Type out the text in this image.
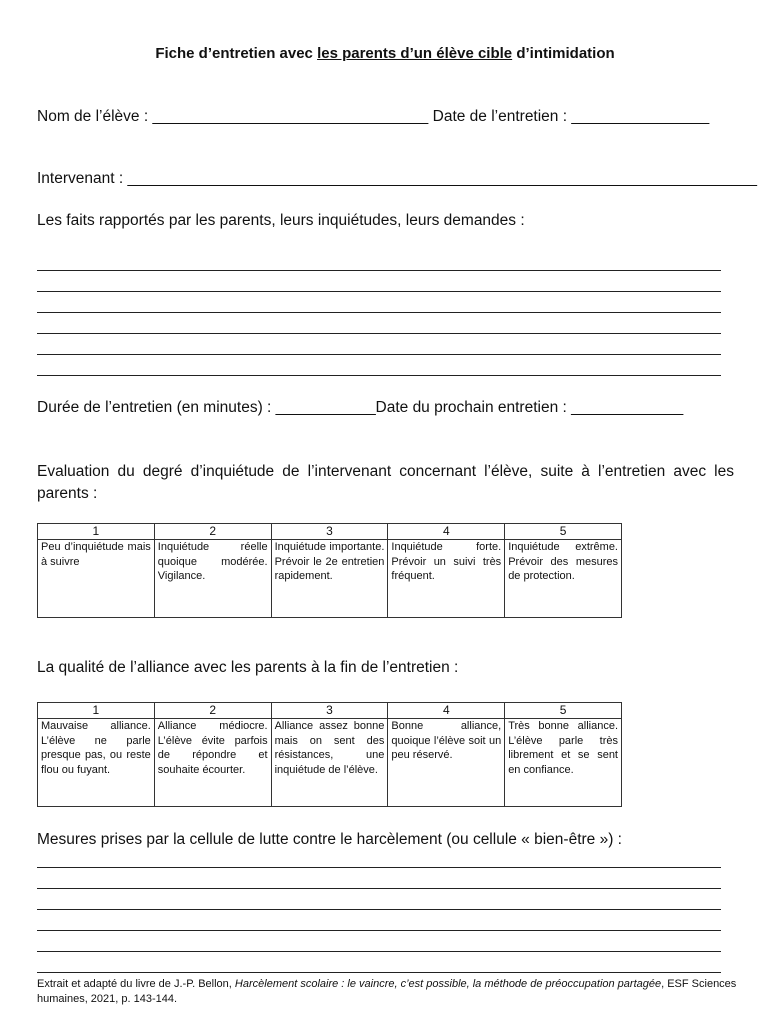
Fiche d’entretien avec les parents d’un élève cible d’intimidation
Nom de l’élève : ________________________________ Date de l’entretien : ________________
Intervenant : _____________________________________________________________________________
Les faits rapportés par les parents, leurs inquiétudes, leurs demandes :
Durée de l’entretien (en minutes) : ____________Date du prochain entretien : _____________
Evaluation du degré d’inquiétude de l’intervenant concernant l’élève, suite à l’entretien avec les parents :
1	2	3	4	5
Peu d’inquiétude mais à suivre	Inquiétude réelle quoique modérée. Vigilance.	Inquiétude importante. Prévoir le 2e entretien rapidement.	Inquiétude forte. Prévoir un suivi très fréquent.	Inquiétude extrême. Prévoir des mesures de protection.
La qualité de l’alliance avec les parents à la fin de l’entretien :
1	2	3	4	5
Mauvaise alliance. L’élève ne parle presque pas, ou reste flou ou fuyant.	Alliance médiocre. L’élève évite parfois de répondre et souhaite écourter.	Alliance assez bonne mais on sent des résistances, une inquiétude de l’élève.	Bonne alliance, quoique l’élève soit un peu réservé.	Très bonne alliance. L’élève parle très librement et se sent en confiance.
Mesures prises par la cellule de lutte contre le harcèlement (ou cellule « bien-être ») :
Extrait et adapté du livre de J.-P. Bellon, Harcèlement scolaire : le vaincre, c’est possible, la méthode de préoccupation partagée, ESF Sciences humaines, 2021, p. 143-144.
